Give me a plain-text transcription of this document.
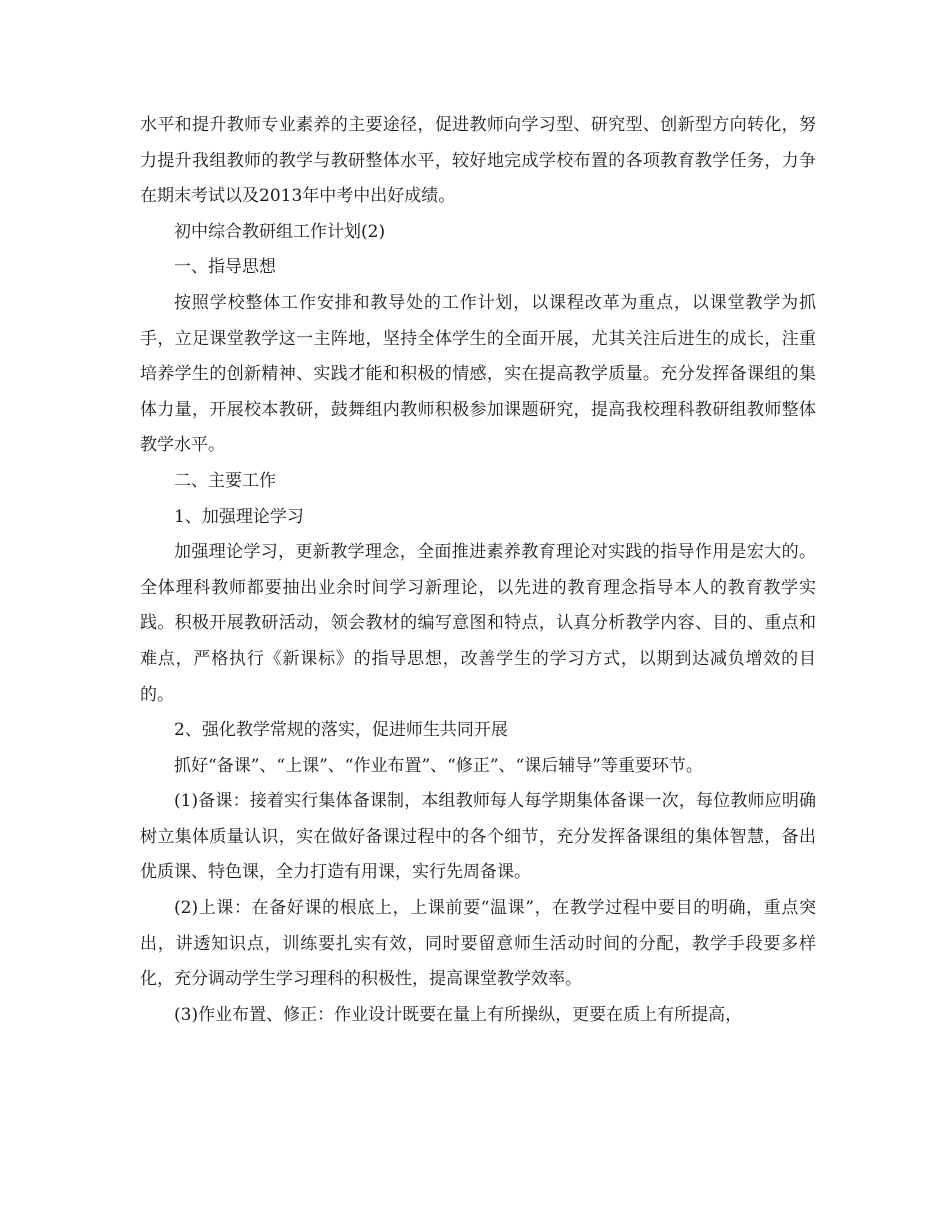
水平和提升教师专业素养的主要途径，促进教师向学习型、研究型、创新型方向转化，努力提升我组教师的教学与教研整体水平，较好地完成学校布置的各项教育教学任务，力争在期末考试以及2013年中考中出好成绩。

初中综合教研组工作计划(2)

一、指导思想

按照学校整体工作安排和教导处的工作计划，以课程改革为重点，以课堂教学为抓手，立足课堂教学这一主阵地，坚持全体学生的全面开展，尤其关注后进生的成长，注重培养学生的创新精神、实践才能和积极的情感，实在提高教学质量。充分发挥备课组的集体力量，开展校本教研，鼓舞组内教师积极参加课题研究，提高我校理科教研组教师整体教学水平。

二、主要工作

1、加强理论学习

加强理论学习，更新教学理念，全面推进素养教育理论对实践的指导作用是宏大的。全体理科教师都要抽出业余时间学习新理论，以先进的教育理念指导本人的教育教学实践。积极开展教研活动，领会教材的编写意图和特点，认真分析教学内容、目的、重点和难点，严格执行《新课标》的指导思想，改善学生的学习方式，以期到达减负增效的目的。

2、强化教学常规的落实，促进师生共同开展

抓好“备课”、“上课”、“作业布置”、“修正”、“课后辅导”等重要环节。

(1)备课：接着实行集体备课制，本组教师每人每学期集体备课一次，每位教师应明确树立集体质量认识，实在做好备课过程中的各个细节，充分发挥备课组的集体智慧，备出优质课、特色课，全力打造有用课，实行先周备课。

(2)上课：在备好课的根底上，上课前要“温课”，在教学过程中要目的明确，重点突出，讲透知识点，训练要扎实有效，同时要留意师生活动时间的分配，教学手段要多样化，充分调动学生学习理科的积极性，提高课堂教学效率。

(3)作业布置、修正：作业设计既要在量上有所操纵，更要在质上有所提高，
